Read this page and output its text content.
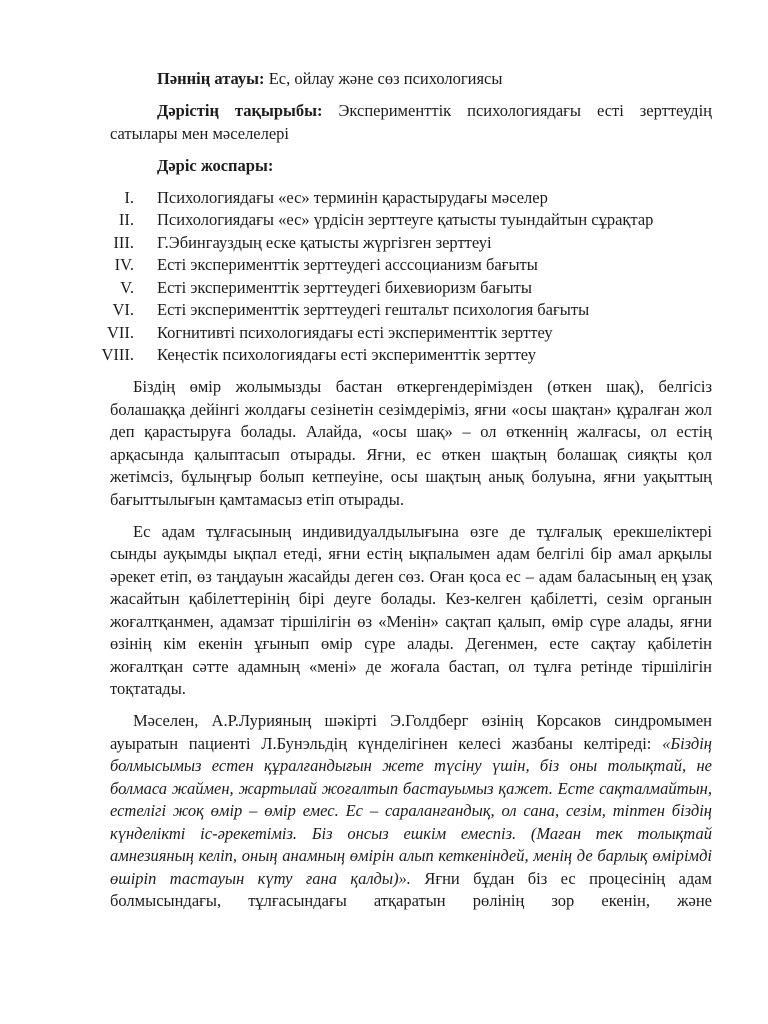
Пәннің атауы: Ес, ойлау және сөз психологиясы

Дәрістің тақырыбы: Эксперименттік психологиядағы есті зерттеудің сатылары мен мәселелері

Дәріс жоспары:

I. Психологиядағы «ес» терминін қарастырудағы мәселер
II. Психологиядағы «ес» үрдісін зерттеуге қатысты туындайтын сұрақтар
III. Г.Эбингауздың еске қатысты жүргізген зерттеуі
IV. Есті эксперименттік зерттеудегі асссоцианизм бағыты
V. Есті эксперименттік зерттеудегі бихевиоризм бағыты
VI. Есті эксперименттік зерттеудегі гештальт психология бағыты
VII. Когнитивті психологиядағы есті эксперименттік зерттеу
VIII. Кеңестік психологиядағы есті эксперименттік зерттеу

Біздің өмір жолымызды бастан өткергендерімізден (өткен шақ), белгісіз болашаққа дейінгі жолдағы сезінетін сезімдеріміз, яғни «осы шақтан» құралған жол деп қарастыруға болады. Алайда, «осы шақ» – ол өткеннің жалғасы, ол естің арқасында қалыптасып отырады. Яғни, ес өткен шақтың болашақ сияқты қол жетімсіз, бұлыңғыр болып кетпеуіне, осы шақтың анық болуына, яғни уақыттың бағыттылығын қамтамасыз етіп отырады.

Ес адам тұлғасының индивидуалдылығына өзге де тұлғалық ерекшеліктері сынды ауқымды ықпал етеді, яғни естің ықпалымен адам белгілі бір амал арқылы әрекет етіп, өз таңдауын жасайды деген сөз. Оған қоса ес – адам баласының ең ұзақ жасайтын қабілеттерінің бірі деуге болады. Кез-келген қабілетті, сезім органын жоғалтқанмен, адамзат тіршілігін өз «Менін» сақтап қалып, өмір сүре алады, яғни өзінің кім екенін ұғынып өмір сүре алады. Дегенмен, есте сақтау қабілетін жоғалтқан сәтте адамның «мені» де жоғала бастап, ол тұлға ретінде тіршілігін тоқтатады.

Мәселен, А.Р.Лурияның шәкірті Э.Голдберг өзінің Корсаков синдромымен ауыратын пациенті Л.Бунэльдің күнделігінен келесі жазбаны келтіреді: «Біздің болмысымыз естен құралғандығын жете түсіну үшін, біз оны толықтай, не болмаса жаймен, жартылай жоғалтып бастауымыз қажет. Есте сақталмайтын, естелігі жоқ өмір – өмір емес. Ес – сараланғандық, ол сана, сезім, тіптен біздің күнделікті іс-әрекетіміз. Біз онсыз ешкім емеспіз. (Маған тек толықтай амнезияның келіп, оның анамның өмірін алып кеткеніндей, менің де барлық өмірімді өшіріп тастауын күту ғана қалды)». Яғни бұдан біз ес процесінің адам болмысындағы, тұлғасындағы атқаратын рөлінің зор екенін, және
